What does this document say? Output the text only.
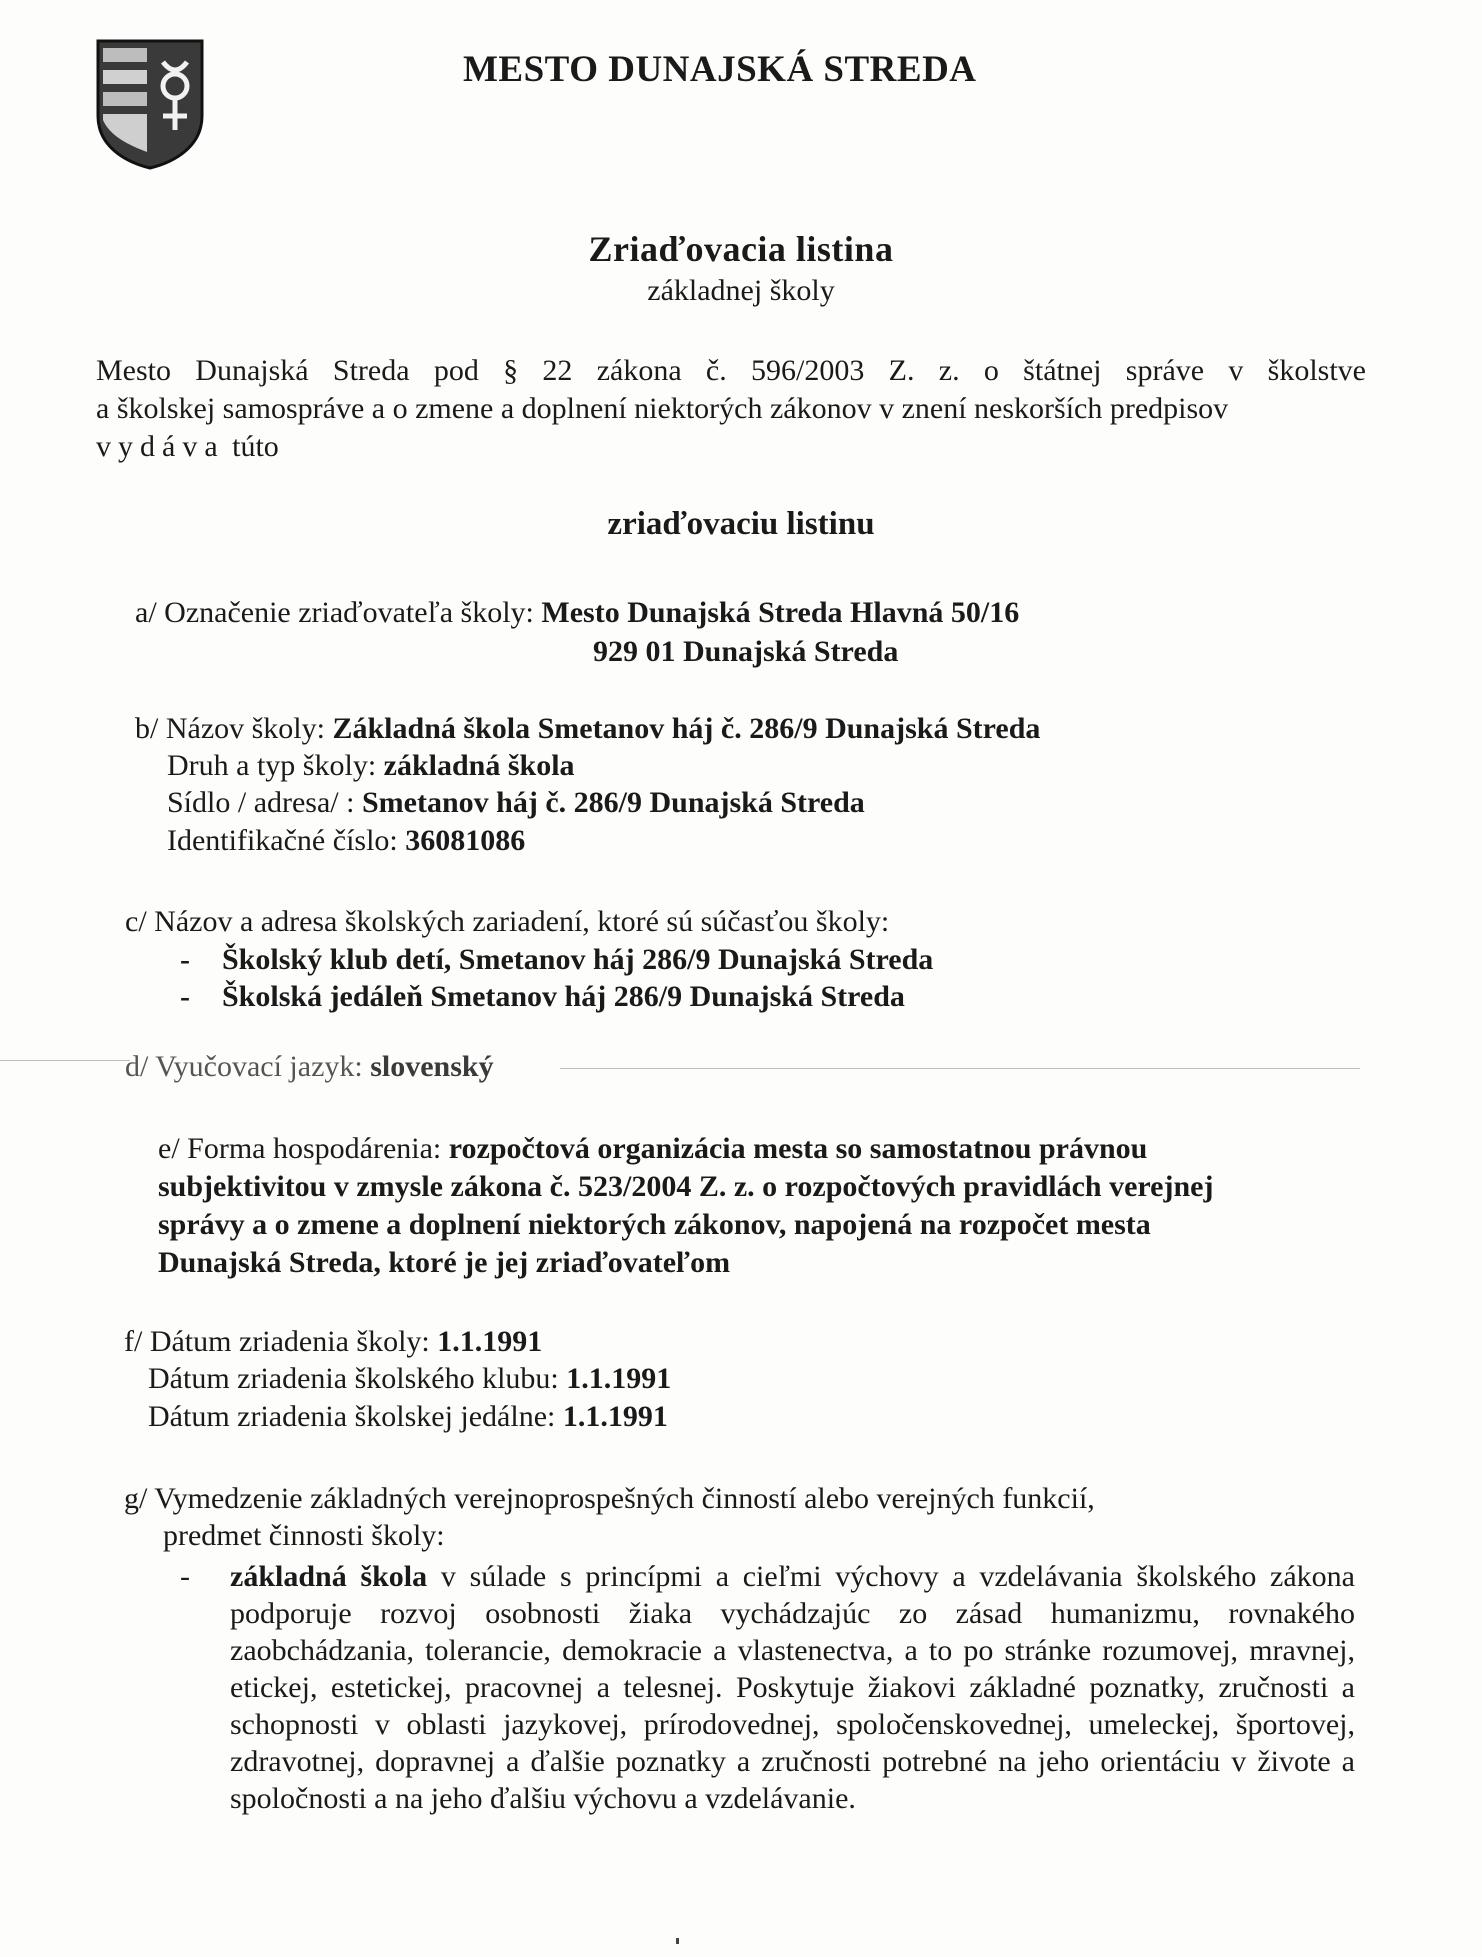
MESTO DUNAJSKÁ STREDA
Zriaďovacia listina
základnej školy
Mesto Dunajská Streda pod § 22 zákona č. 596/2003 Z. z. o štátnej správe v školstve
a školskej samospráve a o zmene a doplnení niektorých zákonov v znení neskorších predpisov
vydáva túto
zriaďovaciu listinu
a/ Označenie zriaďovateľa školy: Mesto Dunajská Streda Hlavná 50/16
929 01 Dunajská Streda
b/ Názov školy: Základná škola Smetanov háj č. 286/9 Dunajská Streda
Druh a typ školy: základná škola
Sídlo / adresa/ : Smetanov háj č. 286/9 Dunajská Streda
Identifikačné číslo: 36081086
c/ Názov a adresa školských zariadení, ktoré sú súčasťou školy:
- Školský klub detí, Smetanov háj 286/9 Dunajská Streda
- Školská jedáleň Smetanov háj 286/9 Dunajská Streda
d/ Vyučovací jazyk: slovenský
e/ Forma hospodárenia: rozpočtová organizácia mesta so samostatnou právnou
subjektivitou v zmysle zákona č. 523/2004 Z. z. o rozpočtových pravidlách verejnej
správy a o zmene a doplnení niektorých zákonov, napojená na rozpočet mesta
Dunajská Streda, ktoré je jej zriaďovateľom
f/ Dátum zriadenia školy: 1.1.1991
Dátum zriadenia školského klubu: 1.1.1991
Dátum zriadenia školskej jedálne: 1.1.1991
g/ Vymedzenie základných verejnoprospešných činností alebo verejných funkcií,
predmet činnosti školy:
- základná škola v súlade s princípmi a cieľmi výchovy a vzdelávania školského zákona podporuje rozvoj osobnosti žiaka vychádzajúc zo zásad humanizmu, rovnakého zaobchádzania, tolerancie, demokracie a vlastenectva, a to po stránke rozumovej, mravnej, etickej, estetickej, pracovnej a telesnej. Poskytuje žiakovi základné poznatky, zručnosti a schopnosti v oblasti jazykovej, prírodovednej, spoločenskovednej, umeleckej, športovej, zdravotnej, dopravnej a ďalšie poznatky a zručnosti potrebné na jeho orientáciu v živote a spoločnosti a na jeho ďalšiu výchovu a vzdelávanie.
